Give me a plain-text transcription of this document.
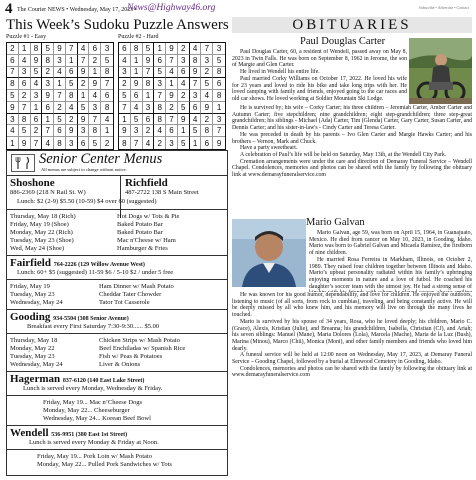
4 The Courier NEWS • Wednesday, May 17, 2023 •
News@Highway46.org	Subscribe • Advertise • Contact
This Week’s Sudoku Puzzle Answers
Puzzle #1 - Easy	Puzzle #2 - Hard
2 1 8 5 9 7 4 6 3
6 4 9 8 3 1 7 2 5
7 3 5 2 4 6 9 1 8
8 6 4 3 1 5 2 9 7
5 2 3 9 7 8 1 4 6
9 7 1 6 2 4 5 3 8
3 8 6 1 5 2 9 7 4
4 5 2 7 6 9 3 8 1
1 9 7 4 8 3 6 5 2
6 8 5 1 9 2 4 7 3
4 1 9 6 7 3 8 3 5
3 1 7 5 4 6 9 2 8
2 9 8 3 1 4 7 5 6
5 6 1 7 9 2 3 4 8
7 4 3 8 2 5 6 9 1
1 5 6 8 7 9 4 2 3
9 3 2 4 6 1 5 8 7
8 7 4 2 3 5 1 6 9
Senior Center Menus
All menus are subject to change without notice.
Shoshone
886-2369 (218 N Rail St. W)
Richfield
487-2722 138 S Main Street
Lunch: $2 (2-9) $5.50 (10-59) $4 over 60 (suggested)
Thursday, May 18 (Rich)	Hot Dogs w/ Tots & Pie
Friday, May 19 (Shoe)	Baked Potato Bar
Monday, May 22 (Rich)	Baked Potato Bar
Tuesday, May 23 (Shoe)	Mac n'Cheese w/ Ham
Wed, May 24 (Shoe)	Hamburger & Fries
Fairfield 764-2226 (129 Willow Avenue West)
Lunch: 60+ $5 (suggested) 11-59 $6 / 5-10 $2 / under 5 free
Friday, May 19	Ham Dinner w/ Mash Potato
Tuesday, May 23	Cheddar Tater Chowder
Wednesday, May 24	Tator Tot Casserole
Gooding 934-5504 (308 Senior Avenue)
Breakfast every First Saturday 7:30-9:30...... $5.00
Thursday, May 18	Chicken Strips w/ Mash Potato
Monday, May 22	Beef Enchiladas w/ Spanish Rice
Tuesday, May 23	Fish w/ Peas & Potatoes
Wednesday, May 24	Liver & Onions
Hagerman 837-6120 (140 East Lake Street)
Lunch is served every Monday, Wednesday & Friday.
Friday, May 19... Mac n’Cheese Dogs
Monday, May 22... Cheeseburger
Wednesday, May 24... Korean Beef Bowl
Wendell 536-9951 (380 East 1st Street)
Lunch is served every Monday & Friday at Noon.
Friday, May 19... Pork Loin w/ Mash Potato
Monday, May 22... Pulled Pork Sandwiches w/ Tots
OBITUARIES
Paul Douglas Carter

Paul Douglas Carter, 60, a resident of Wendell, passed away on May 8, 2023 in Twin Falls. He was born on September 8, 1962 in Jerome, the son of Margie and Glen Carter.

He lived in Wendell his entire life.

Paul married Corky Williams on October 17, 2022. He loved his wife for 23 years and loved to ride his bike and take long trips with her. He loved camping with family and friends, enjoyed going to the car races and old car shows. He loved working at Soldier Mountain Ski Lodge.

He is survived by; his wife – Corky Carter; his three children – Jeremiah Carter, Amber Carter and Autumn Carter; five stepchildren; nine grandchildren; eight step-grandchildren; three step-great grandchildren; his siblings - Michael (Ada) Carter, Tim (Glenda) Carter, Gary Carter, Susan Carter, and Dennis Carter; and his sister-in-law's - Cindy Carter and Teresa Carter.

He was preceded in death by his parents – Ivo Glen Carter and Margie Hawks Carter; and his brothers – Vernon, Mark and Chuck.

Have a party sweetheart.

A celebration of Paul’s life will be held on Saturday, May 13th, at the Wendell City Park.

Cremation arrangements were under the care and direction of Demaray Funeral Service – Wendell Chapel. Condolences, memories and photos can be shared with the family by following the obituary link at www.demarayfuneralservice.com

Mario Galvan

Mario Galvan, age 59, was born on April 15, 1964, in Guanajuato, Mexico. He died from cancer on May 10, 2023, in Gooding, Idaho. Mario was born to Gabriel Galvan and Micaela Ramírez, the firstborn of nine children.

He married Rosa Ferreira in Markham, Illinois, on October 2, 1989. They raised four children together between Illinois and Idaho. Mario’s upbeat personality radiated within his family’s upbringing enjoying moments in nature and a love of futbol. He coached his daughter’s soccer team with the utmost joy. He had a strong sense of

He was known for his good humor, dependability, and love for children. He enjoyed the outdoors, listening to music (of all sorts, from rock to cumbias), traveling, and being constantly active. He will be deeply missed by all who knew him, and his memory will live on through the many lives he touched.

Mario is survived by his spouse of 34 years, Rosa, who he loved deeply; his children, Mario C. (Grace), Alexis, Kristian (Julie), and Breanna; his grandchildren, Isabella, Christian (CJ), and Ariah; his seven siblings: Manuel (Mane), Maria Dolores (Lola), Marcela (Mache), Maria de la Luz (Bush), Marina (Minou), Marco (Chii), Monica (Moni), and other family members and friends who loved him dearly.

A funeral service will be held at 12:00 noon on Wednesday, May 17, 2023, at Demaray Funeral Service – Gooding Chapel, followed by a burial at Elmwood Cemetery in Gooding, Idaho.

Condolences, memories and photos can be shared with the family by following the obituary link at www.demarayfuneralservice.com
